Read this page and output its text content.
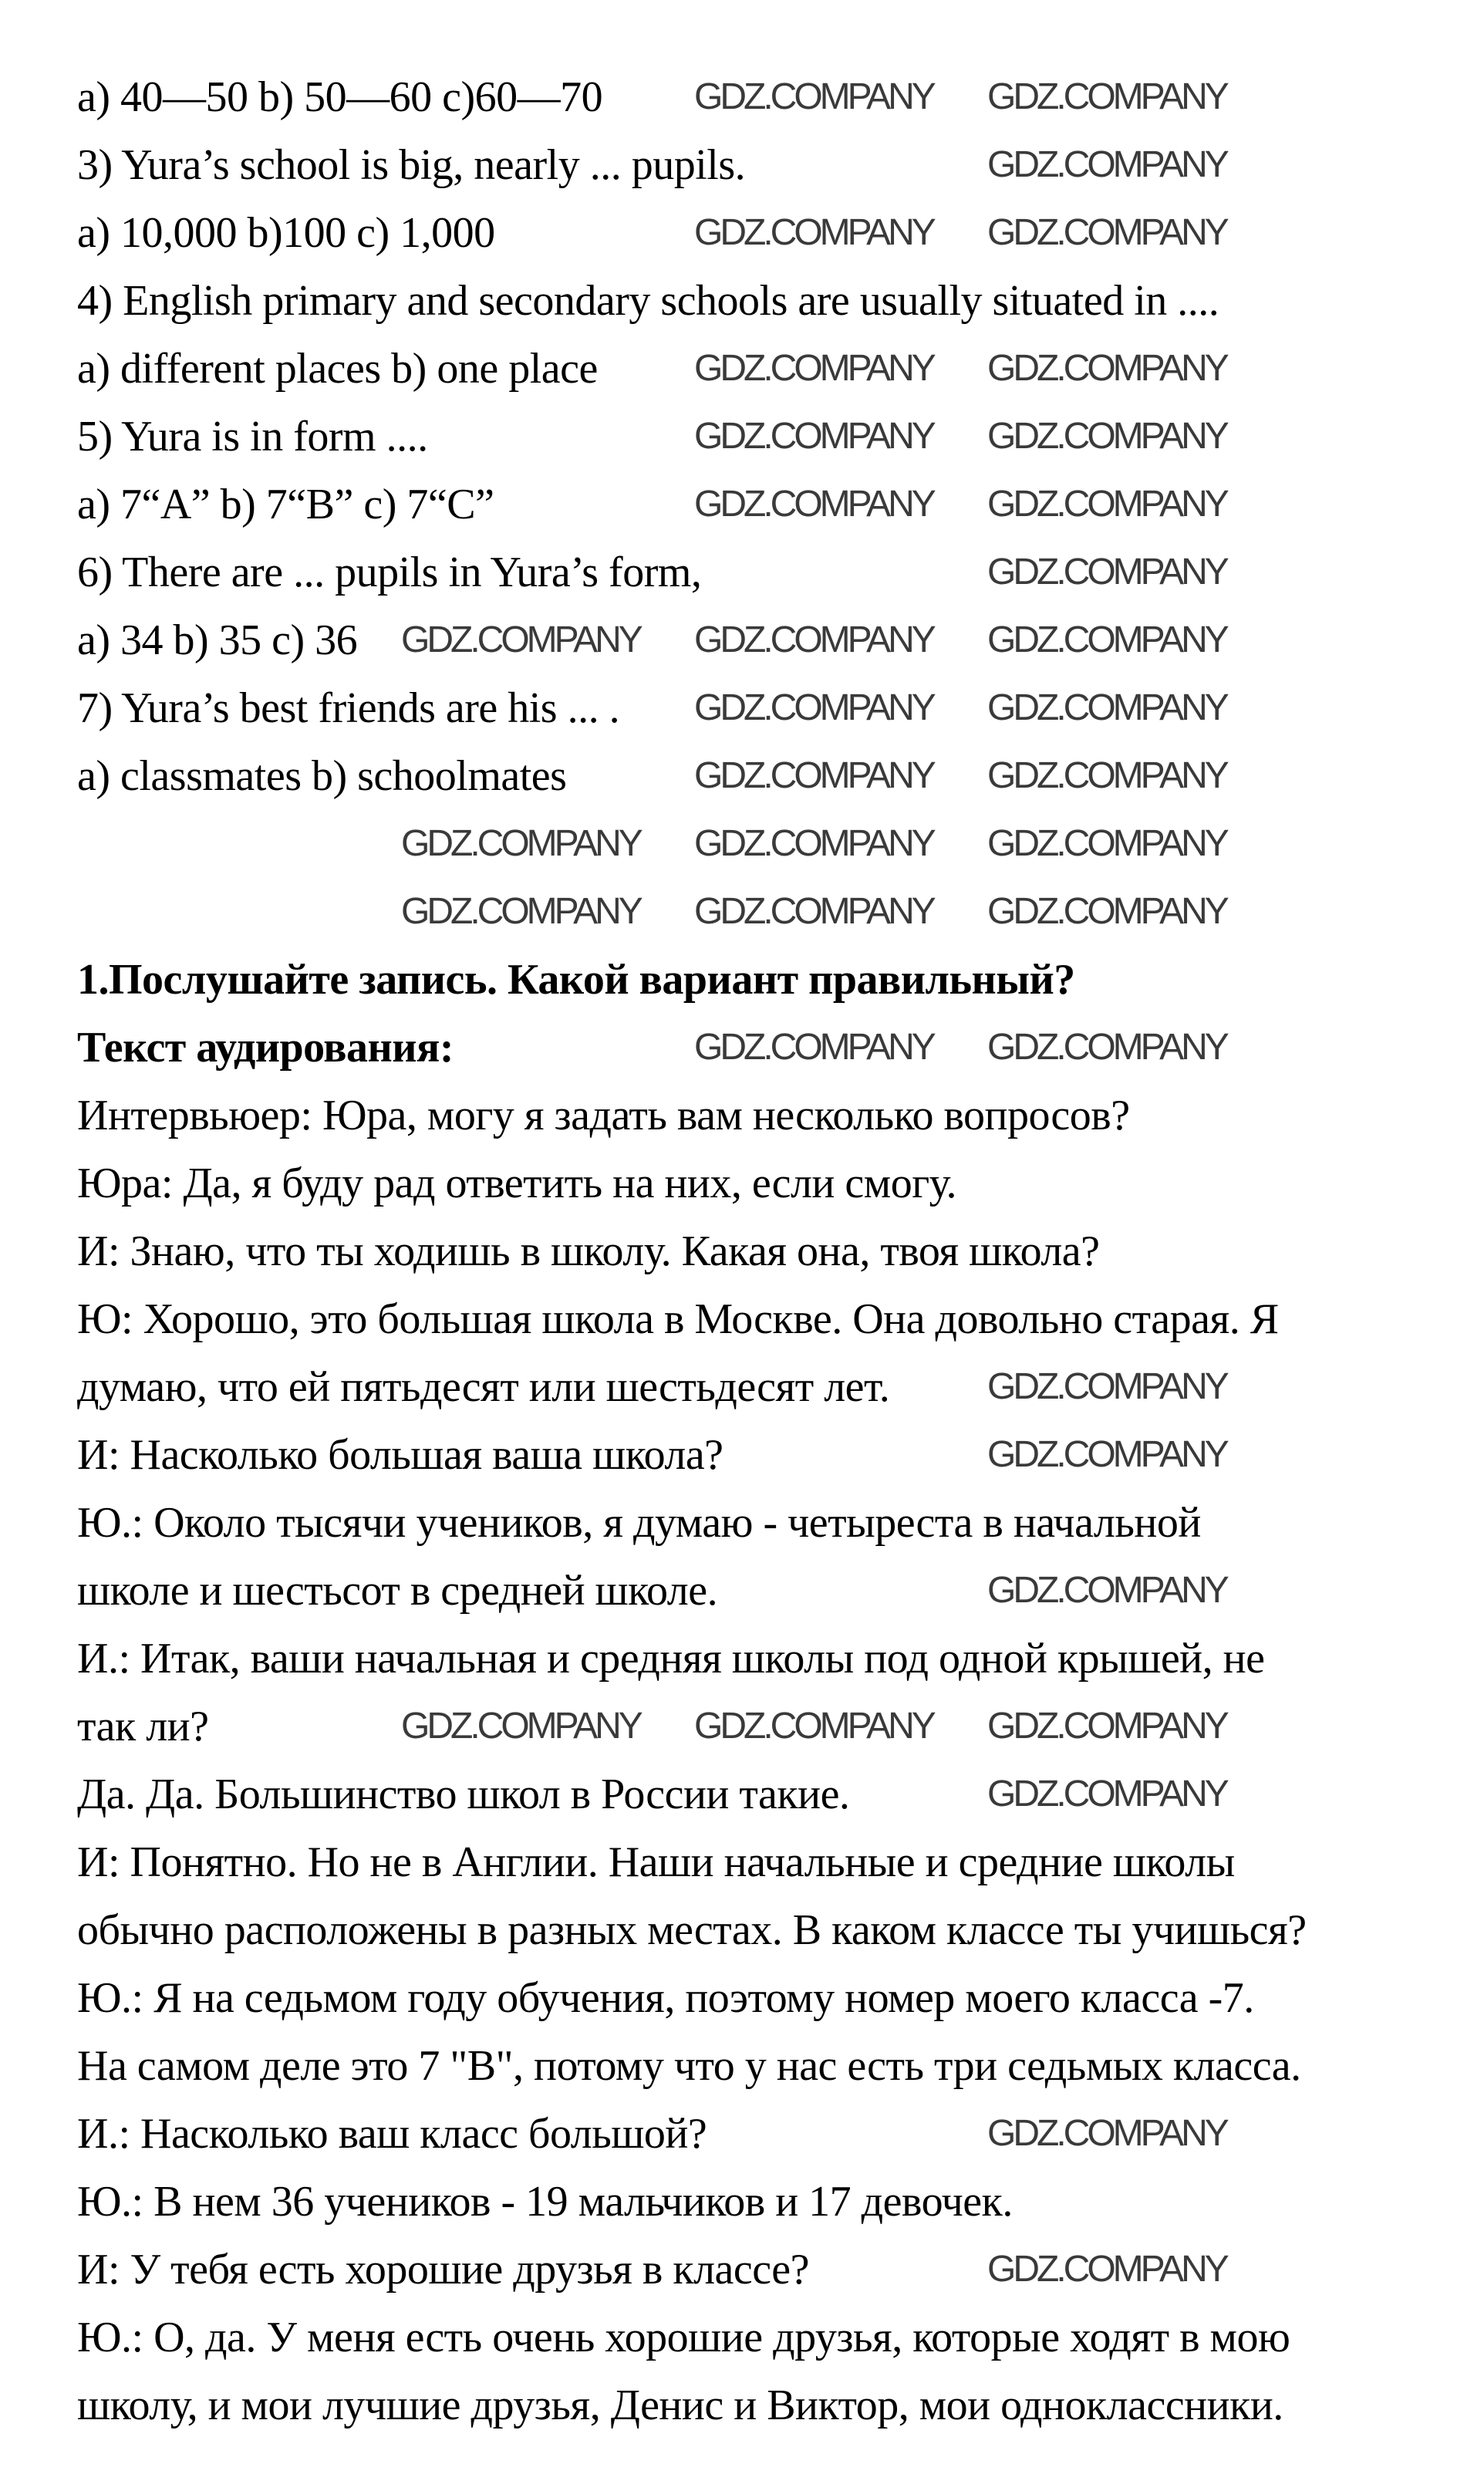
a) 40—50 b) 50—60 c)60—70
3) Yura’s school is big, nearly ... pupils.
a) 10,000 b)100 c) 1,000
4) English primary and secondary schools are usually situated in ....
a) different places b) one place
5) Yura is in form ....
a) 7“A” b) 7“B” c) 7“C”
6) There are ... pupils in Yura’s form,
a) 34 b) 35 c) 36
7) Yura’s best friends are his ... .
a) classmates b) schoolmates
1.Послушайте запись. Какой вариант правильный?
Текст аудирования:
Интервьюер: Юра, могу я задать вам несколько вопросов?
Юра: Да, я буду рад ответить на них, если смогу.
И: Знаю, что ты ходишь в школу. Какая она, твоя школа?
Ю: Хорошо, это большая школа в Москве. Она довольно старая. Я
думаю, что ей пятьдесят или шестьдесят лет.
И: Насколько большая ваша школа?
Ю.: Около тысячи учеников, я думаю - четыреста в начальной
школе и шестьсот в средней школе.
И.: Итак, ваши начальная и средняя школы под одной крышей, не
так ли?
Да. Да. Большинство школ в России такие.
И: Понятно. Но не в Англии. Наши начальные и средние школы
обычно расположены в разных местах. В каком классе ты учишься?
Ю.: Я на седьмом году обучения, поэтому номер моего класса -7.
На самом деле это 7 "B", потому что у нас есть три седьмых класса.
И.: Насколько ваш класс большой?
Ю.: В нем 36 учеников - 19 мальчиков и 17 девочек.
И: У тебя есть хорошие друзья в классе?
Ю.: О, да. У меня есть очень хорошие друзья, которые ходят в мою
школу, и мои лучшие друзья, Денис и Виктор, мои одноклассники.
GDZ.COMPANY GDZ.COMPANY
GDZ.COMPANY
GDZ.COMPANY GDZ.COMPANY
GDZ.COMPANY GDZ.COMPANY
GDZ.COMPANY GDZ.COMPANY
GDZ.COMPANY GDZ.COMPANY
GDZ.COMPANY
GDZ.COMPANY GDZ.COMPANY GDZ.COMPANY
GDZ.COMPANY GDZ.COMPANY
GDZ.COMPANY GDZ.COMPANY
GDZ.COMPANY GDZ.COMPANY GDZ.COMPANY
GDZ.COMPANY GDZ.COMPANY GDZ.COMPANY
GDZ.COMPANY GDZ.COMPANY
GDZ.COMPANY
GDZ.COMPANY
GDZ.COMPANY
GDZ.COMPANY GDZ.COMPANY GDZ.COMPANY
GDZ.COMPANY
GDZ.COMPANY
GDZ.COMPANY
